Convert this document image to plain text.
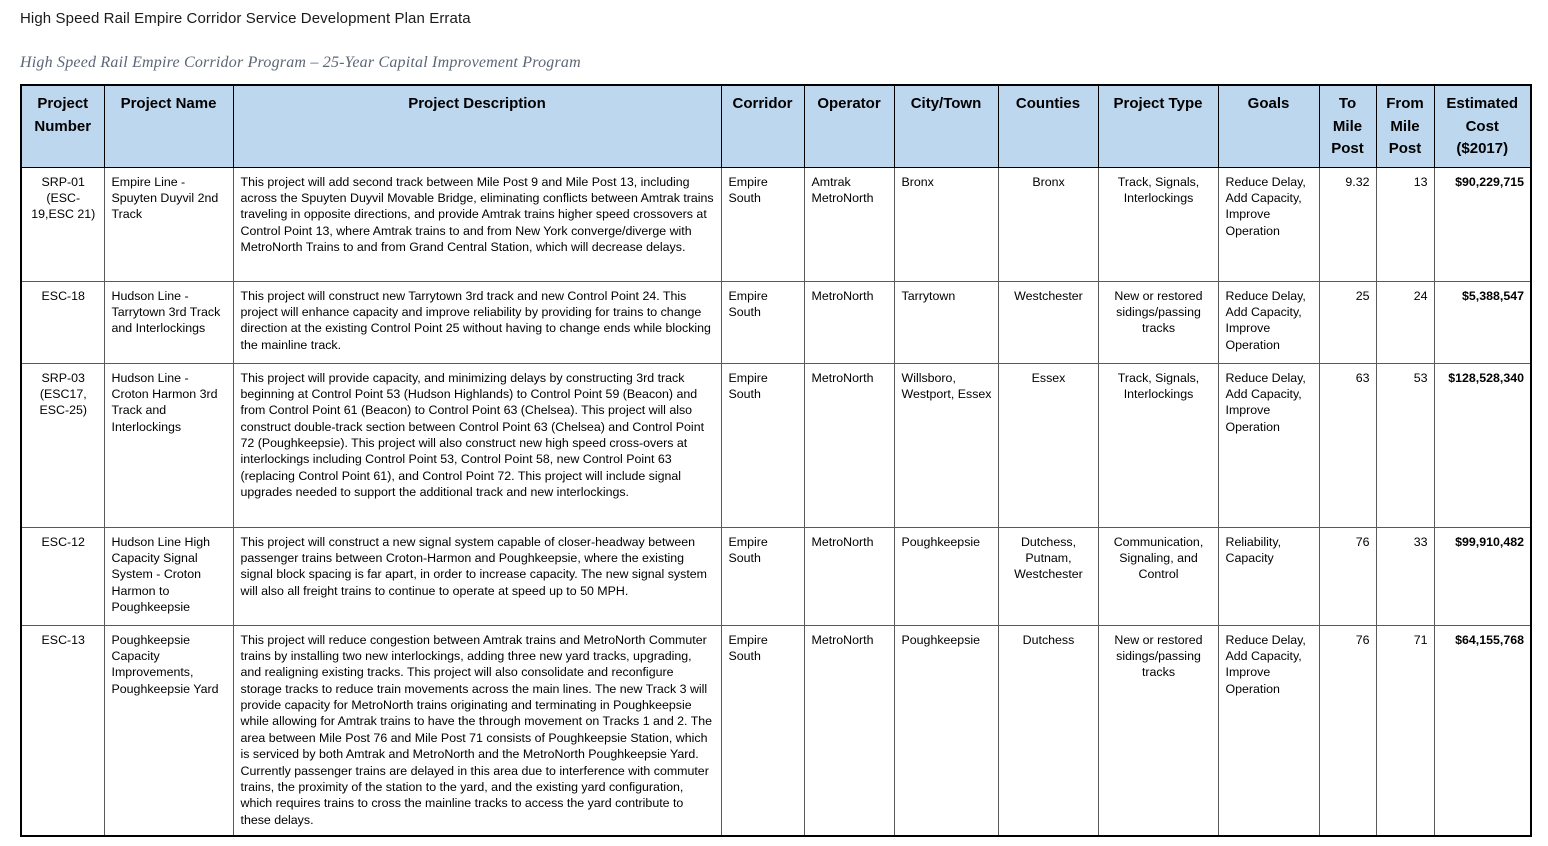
High Speed Rail Empire Corridor Service Development Plan Errata
High Speed Rail Empire Corridor Program – 25-Year Capital Improvement Program
Project Number	Project Name	Project Description	Corridor	Operator	City/Town	Counties	Project Type	Goals	To Mile Post	From Mile Post	Estimated Cost ($2017)
SRP-01 (ESC-19,ESC 21)	Empire Line - Spuyten Duyvil 2nd Track	This project will add second track between Mile Post 9 and Mile Post 13, including across the Spuyten Duyvil Movable Bridge, eliminating conflicts between Amtrak trains traveling in opposite directions, and provide Amtrak trains higher speed crossovers at Control Point 13, where Amtrak trains to and from New York converge/diverge with MetroNorth Trains to and from Grand Central Station, which will decrease delays.	Empire South	Amtrak MetroNorth	Bronx	Bronx	Track, Signals, Interlockings	Reduce Delay, Add Capacity, Improve Operation	9.32	13	$90,229,715
ESC-18	Hudson Line - Tarrytown 3rd Track and Interlockings	This project will construct new Tarrytown 3rd track and new Control Point 24. This project will enhance capacity and improve reliability by providing for trains to change direction at the existing Control Point 25 without having to change ends while blocking the mainline track.	Empire South	MetroNorth	Tarrytown	Westchester	New or restored sidings/passing tracks	Reduce Delay, Add Capacity, Improve Operation	25	24	$5,388,547
SRP-03 (ESC17, ESC-25)	Hudson Line - Croton Harmon 3rd Track and Interlockings	This project will provide capacity, and minimizing delays by constructing 3rd track beginning at Control Point 53 (Hudson Highlands) to Control Point 59 (Beacon) and from Control Point 61 (Beacon) to Control Point 63 (Chelsea). This project will also construct double-track section between Control Point 63 (Chelsea) and Control Point 72 (Poughkeepsie). This project will also construct new high speed cross-overs at interlockings including Control Point 53, Control Point 58, new Control Point 63 (replacing Control Point 61), and Control Point 72. This project will include signal upgrades needed to support the additional track and new interlockings.	Empire South	MetroNorth	Willsboro, Westport, Essex	Essex	Track, Signals, Interlockings	Reduce Delay, Add Capacity, Improve Operation	63	53	$128,528,340
ESC-12	Hudson Line High Capacity Signal System - Croton Harmon to Poughkeepsie	This project will construct a new signal system capable of closer-headway between passenger trains between Croton-Harmon and Poughkeepsie, where the existing signal block spacing is far apart, in order to increase capacity. The new signal system will also all freight trains to continue to operate at speed up to 50 MPH.	Empire South	MetroNorth	Poughkeepsie	Dutchess, Putnam, Westchester	Communication, Signaling, and Control	Reliability, Capacity	76	33	$99,910,482
ESC-13	Poughkeepsie Capacity Improvements, Poughkeepsie Yard	This project will reduce congestion between Amtrak trains and MetroNorth Commuter trains by installing two new interlockings, adding three new yard tracks, upgrading, and realigning existing tracks. This project will also consolidate and reconfigure storage tracks to reduce train movements across the main lines. The new Track 3 will provide capacity for MetroNorth trains originating and terminating in Poughkeepsie while allowing for Amtrak trains to have the through movement on Tracks 1 and 2. The area between Mile Post 76 and Mile Post 71 consists of Poughkeepsie Station, which is serviced by both Amtrak and MetroNorth and the MetroNorth Poughkeepsie Yard. Currently passenger trains are delayed in this area due to interference with commuter trains, the proximity of the station to the yard, and the existing yard configuration, which requires trains to cross the mainline tracks to access the yard contribute to these delays.	Empire South	MetroNorth	Poughkeepsie	Dutchess	New or restored sidings/passing tracks	Reduce Delay, Add Capacity, Improve Operation	76	71	$64,155,768
